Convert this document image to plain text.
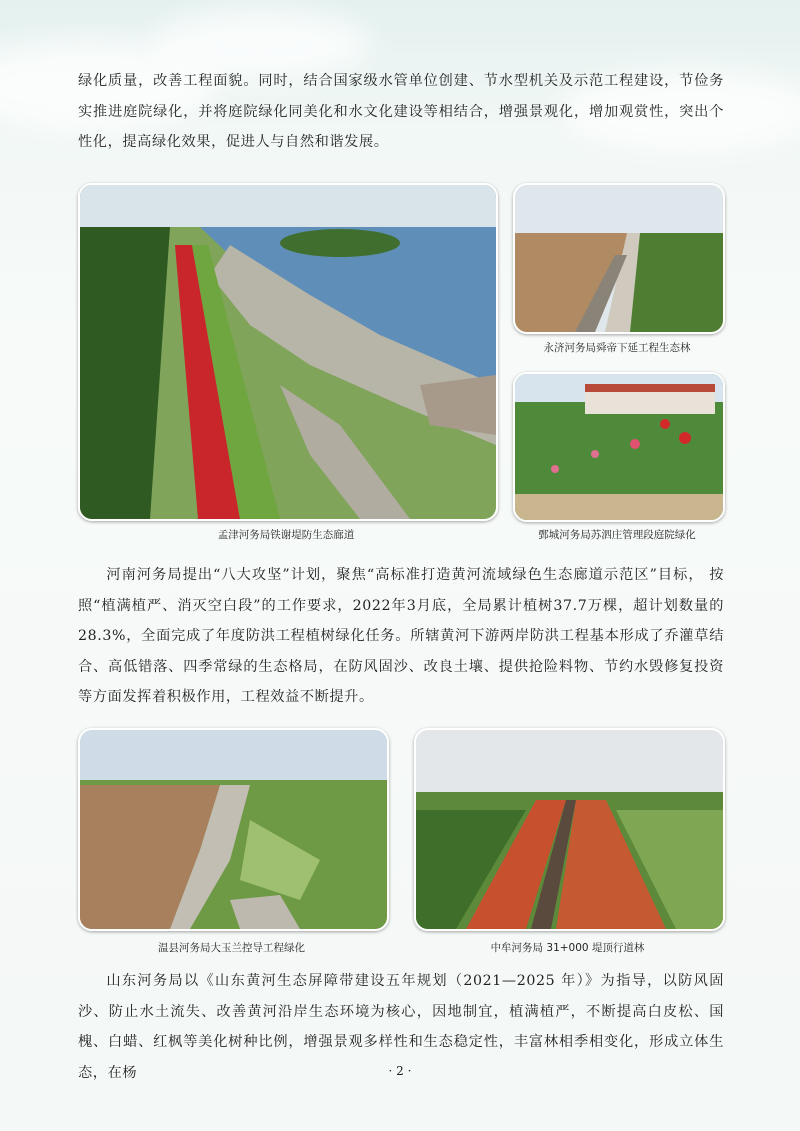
绿化质量，改善工程面貌。同时，结合国家级水管单位创建、节水型机关及示范工程建设，节俭务实推进庭院绿化，并将庭院绿化同美化和水文化建设等相结合，增强景观化，增加观赏性，突出个性化，提高绿化效果，促进人与自然和谐发展。

孟津河务局铁谢堤防生态廊道
永济河务局舜帝下延工程生态林
鄄城河务局苏泗庄管理段庭院绿化

河南河务局提出“八大攻坚”计划，聚焦“高标准打造黄河流域绿色生态廊道示范区”目标， 按照“植满植严、消灭空白段”的工作要求，2022年3月底，全局累计植树37.7万棵，超计划数量的28.3%，全面完成了年度防洪工程植树绿化任务。所辖黄河下游两岸防洪工程基本形成了乔灌草结合、高低错落、四季常绿的生态格局，在防风固沙、改良土壤、提供抢险料物、节约水毁修复投资等方面发挥着积极作用，工程效益不断提升。

温县河务局大玉兰控导工程绿化	中牟河务局 31+000 堤顶行道林

山东河务局以《山东黄河生态屏障带建设五年规划（2021—2025 年）》为指导，以防风固沙、防止水土流失、改善黄河沿岸生态环境为核心，因地制宜，植满植严，不断提高白皮松、国槐、白蜡、红枫等美化树种比例，增强景观多样性和生态稳定性，丰富林相季相变化，形成立体生态，在杨	· 2 ·
